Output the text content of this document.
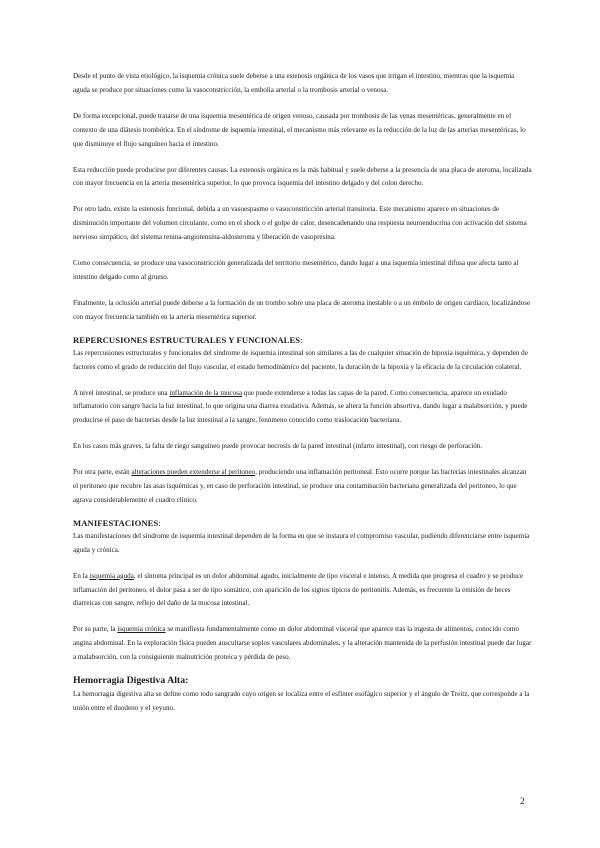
Desde el punto de vista etiológico, la isquemia crónica suele deberse a una estenosis orgánica de los vasos que irrigan el intestino, mientras que la isquemia aguda se produce por situaciones como la vasoconstricción, la embolia arterial o la trombosis arterial o venosa.

De forma excepcional, puede tratarse de una isquemia mesentérica de origen venoso, causada por trombosis de las venas mesentéricas, generalmente en el contexto de una diátesis trombótica. En el síndrome de isquemia intestinal, el mecanismo más relevante es la reducción de la luz de las arterias mesentéricas, lo que disminuye el flujo sanguíneo hacia el intestino.

Esta reducción puede producirse por diferentes causas. La estenosis orgánica es la más habitual y suele deberse a la presencia de una placa de ateroma, localizada con mayor frecuencia en la arteria mesentérica superior, lo que provoca isquemia del intestino delgado y del colon derecho.

Por otro lado, existe la estenosis funcional, debida a un vasoespasmo o vasoconstricción arterial transitoria. Este mecanismo aparece en situaciones de disminución importante del volumen circulante, como en el shock o el golpe de calor, desencadenando una respuesta neuroendocrina con activación del sistema nervioso simpático, del sistema renina-angiotensina-aldosterona y liberación de vasopresina.

Como consecuencia, se produce una vasoconstricción generalizada del territorio mesentérico, dando lugar a una isquemia intestinal difusa que afecta tanto al intestino delgado como al grueso.

Finalmente, la oclusión arterial puede deberse a la formación de un trombo sobre una placa de ateroma inestable o a un émbolo de origen cardíaco, localizándose con mayor frecuencia también en la arteria mesentérica superior.

REPERCUSIONES ESTRUCTURALES Y FUNCIONALES:

Las repercusiones estructurales y funcionales del síndrome de isquemia intestinal son similares a las de cualquier situación de hipoxia isquémica, y dependen de factores como el grado de reducción del flujo vascular, el estado hemodinámico del paciente, la duración de la hipoxia y la eficacia de la circulación colateral.

A nivel intestinal, se produce una inflamación de la mucosa que puede extenderse a todas las capas de la pared. Como consecuencia, aparece un exudado inflamatorio con sangre hacia la luz intestinal, lo que origina una diarrea exudativa. Además, se altera la función absortiva, dando lugar a malabsorción, y puede producirse el paso de bacterias desde la luz intestinal a la sangre, fenómeno conocido como traslocación bacteriana.

En los casos más graves, la falta de riego sanguíneo puede provocar necrosis de la pared intestinal (infarto intestinal), con riesgo de perforación.

Por otra parte, están alteraciones pueden extenderse al peritoneo, produciendo una inflamación peritoneal. Esto ocurre porque las bacterias intestinales alcanzan el peritoneo que recubre las asas isquémicas y, en caso de perforación intestinal, se produce una contaminación bacteriana generalizada del peritoneo, lo que agrava considerablemente el cuadro clínico.

MANIFESTACIONES:

Las manifestaciones del síndrome de isquemia intestinal dependen de la forma en que se instaura el compromiso vascular, pudiendo diferenciarse entre isquemia aguda y crónica.

En la isquemia aguda, el síntoma principal es un dolor abdominal agudo, inicialmente de tipo visceral e intenso. A medida que progresa el cuadro y se produce inflamación del peritoneo, el dolor pasa a ser de tipo somático, con aparición de los signos típicos de peritonitis. Además, es frecuente la emisión de heces diarreicas con sangre, reflejo del daño de la mucosa intestinal.

Por su parte, la isquemia crónica se manifiesta fundamentalmente como un dolor abdominal visceral que aparece tras la ingesta de alimentos, conocido como angina abdominal. En la exploración física pueden auscultarse soplos vasculares abdominales, y la alteración mantenida de la perfusión intestinal puede dar lugar a malabsorción, con la consiguiente malnutrición proteica y pérdida de peso.

Hemorragia Digestiva Alta:

La hemorragia digestiva alta se define como todo sangrado cuyo origen se localiza entre el esfínter esofágico superior y el ángulo de Treitz, que corresponde a la unión entre el duodeno y el yeyuno.

2
